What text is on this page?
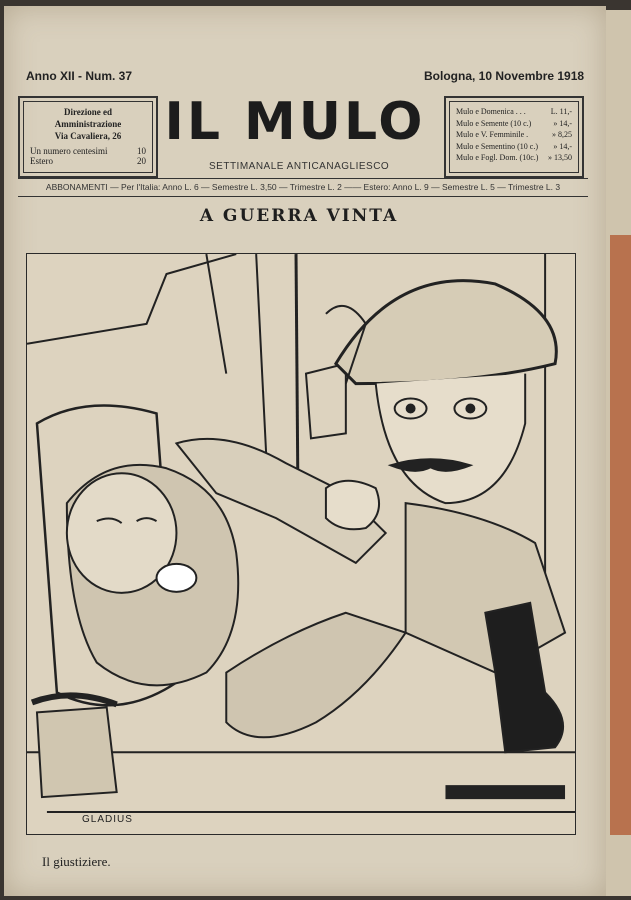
Anno XII - Num. 37	Bologna, 10 Novembre 1918
Direzione ed Amministrazione
Via Cavaliera, 26
Un numero centesimi	10
Estero	20
IL MULO
SETTIMANALE ANTICANAGLIESCO
Mulo e Domenica . . .	L. 11,-
Mulo e Semente (10 c.)	» 14,-
Mulo e V. Femminile .	» 8,25
Mulo e Sementino (10 c.) » 14,-
Mulo e Fogl. Dom. (10c.) » 13,50
ABBONAMENTI — Per l'Italia: Anno L. 6 — Semestre L. 3,50 — Trimestre L. 2 —— Estero: Anno L. 9 — Semestre L. 5 — Trimestre L. 3
A GUERRA VINTA
GLADIUS
Il giustiziere.
